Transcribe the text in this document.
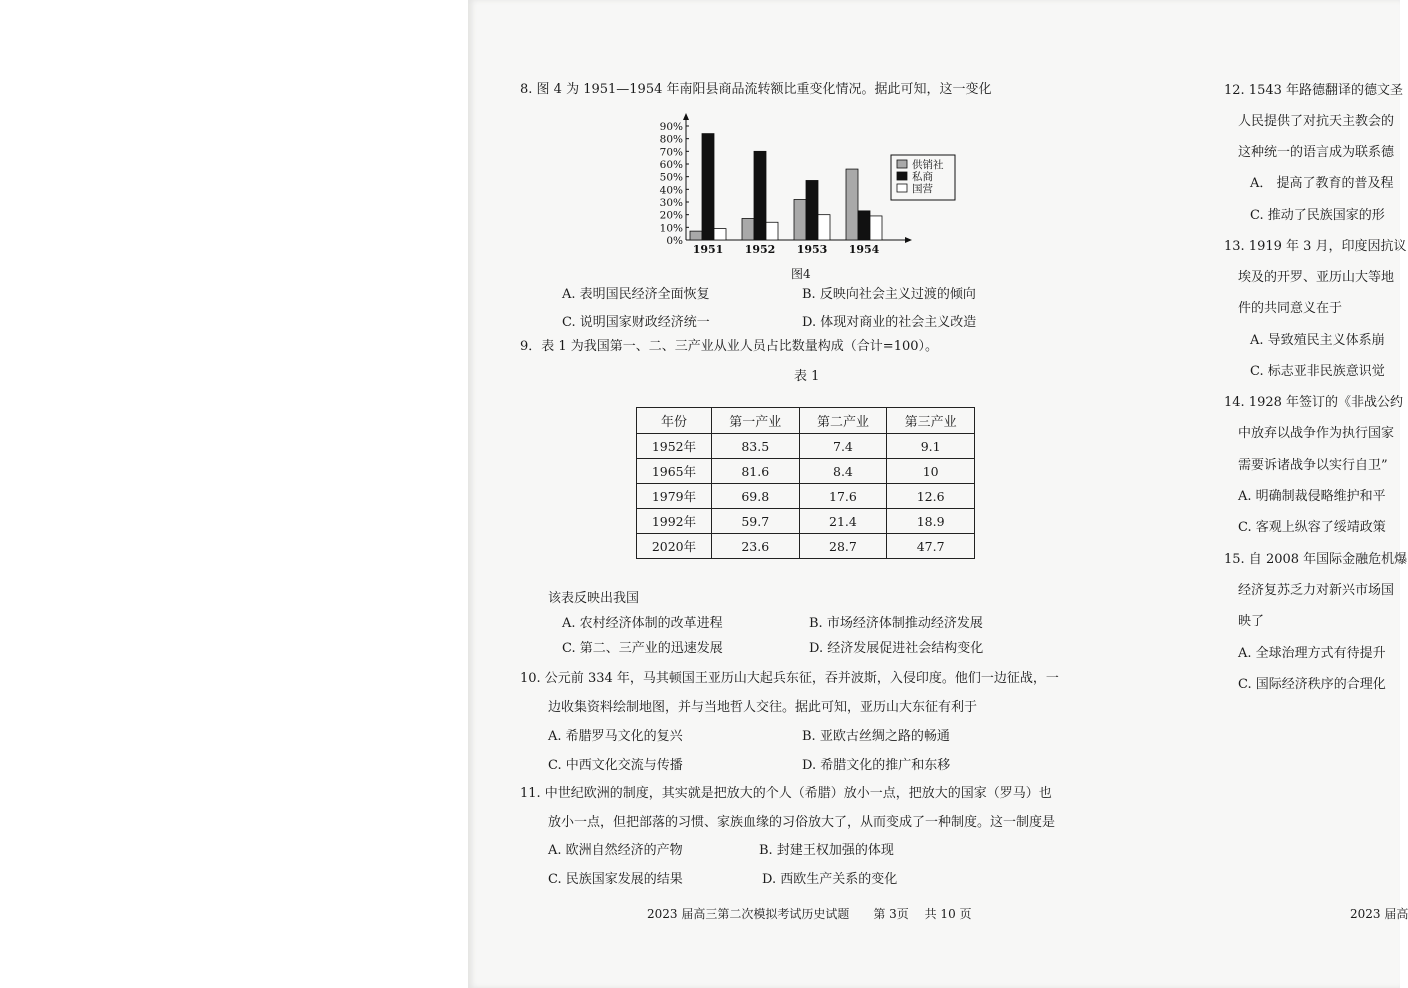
8. 图 4 为 1951—1954 年南阳县商品流转额比重变化情况。据此可知，这一变化
0%
10%
20%
30%
40%
50%
60%
70%
80%
90%
1951 1952 1953 1954
供销社
私商
国营
图4
A. 表明国民经济全面恢复	B. 反映向社会主义过渡的倾向
C. 说明国家财政经济统一	D. 体现对商业的社会主义改造
9．表 1 为我国第一、二、三产业从业人员占比数量构成（合计=100）。
表 1
年份	第一产业	第二产业	第三产业
1952年	83.5	7.4	9.1
1965年	81.6	8.4	10
1979年	69.8	17.6	12.6
1992年	59.7	21.4	18.9
2020年	23.6	28.7	47.7
该表反映出我国
A. 农村经济体制的改革进程	B. 市场经济体制推动经济发展
C. 第二、三产业的迅速发展	D. 经济发展促进社会结构变化
10. 公元前 334 年，马其顿国王亚历山大起兵东征，吞并波斯，入侵印度。他们一边征战，一
边收集资料绘制地图，并与当地哲人交往。据此可知，亚历山大东征有利于
A. 希腊罗马文化的复兴	B. 亚欧古丝绸之路的畅通
C. 中西文化交流与传播	D. 希腊文化的推广和东移
11. 中世纪欧洲的制度，其实就是把放大的个人（希腊）放小一点，把放大的国家（罗马）也
放小一点，但把部落的习惯、家族血缘的习俗放大了，从而变成了一种制度。这一制度是
A. 欧洲自然经济的产物	B. 封建王权加强的体现
C. 民族国家发展的结果	D. 西欧生产关系的变化
2023 届高三第二次模拟考试历史试题　　第 3页　 共 10 页
12. 1543 年路德翻译的德文圣
人民提供了对抗天主教会的
这种统一的语言成为联系德
A． 提高了教育的普及程
C. 推动了民族国家的形
13. 1919 年 3 月，印度因抗议
埃及的开罗、亚历山大等地
件的共同意义在于
A. 导致殖民主义体系崩
C. 标志亚非民族意识觉
14. 1928 年签订的《非战公约
中放弃以战争作为执行国家
需要诉诸战争以实行自卫”
A. 明确制裁侵略维护和平
C. 客观上纵容了绥靖政策
15. 自 2008 年国际金融危机爆
经济复苏乏力对新兴市场国
映了
A. 全球治理方式有待提升
C. 国际经济秩序的合理化
2023 届高
